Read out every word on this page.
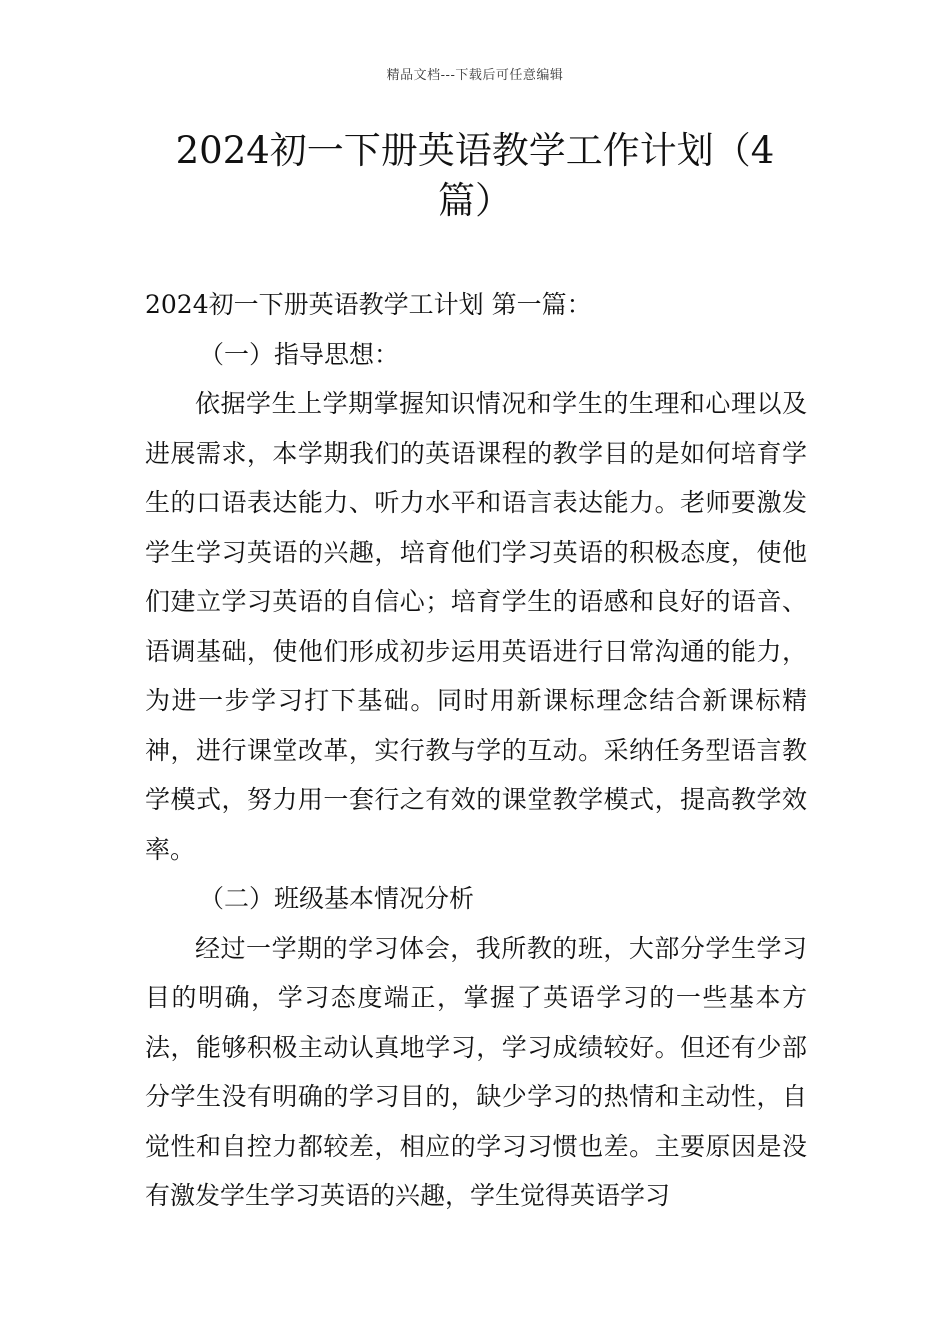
精品文档---下载后可任意编辑
2024初一下册英语教学工作计划（4篇）

2024初一下册英语教学工计划 第一篇：

（一）指导思想：

依据学生上学期掌握知识情况和学生的生理和心理以及进展需求，本学期我们的英语课程的教学目的是如何培育学生的口语表达能力、听力水平和语言表达能力。老师要激发学生学习英语的兴趣，培育他们学习英语的积极态度，使他们建立学习英语的自信心；培育学生的语感和良好的语音、语调基础，使他们形成初步运用英语进行日常沟通的能力，为进一步学习打下基础。同时用新课标理念结合新课标精神，进行课堂改革，实行教与学的互动。采纳任务型语言教学模式，努力用一套行之有效的课堂教学模式，提高教学效率。

（二）班级基本情况分析

经过一学期的学习体会，我所教的班，大部分学生学习目的明确，学习态度端正，掌握了英语学习的一些基本方法，能够积极主动认真地学习，学习成绩较好。但还有少部分学生没有明确的学习目的，缺少学习的热情和主动性，自觉性和自控力都较差，相应的学习习惯也差。主要原因是没有激发学生学习英语的兴趣，学生觉得英语学习
